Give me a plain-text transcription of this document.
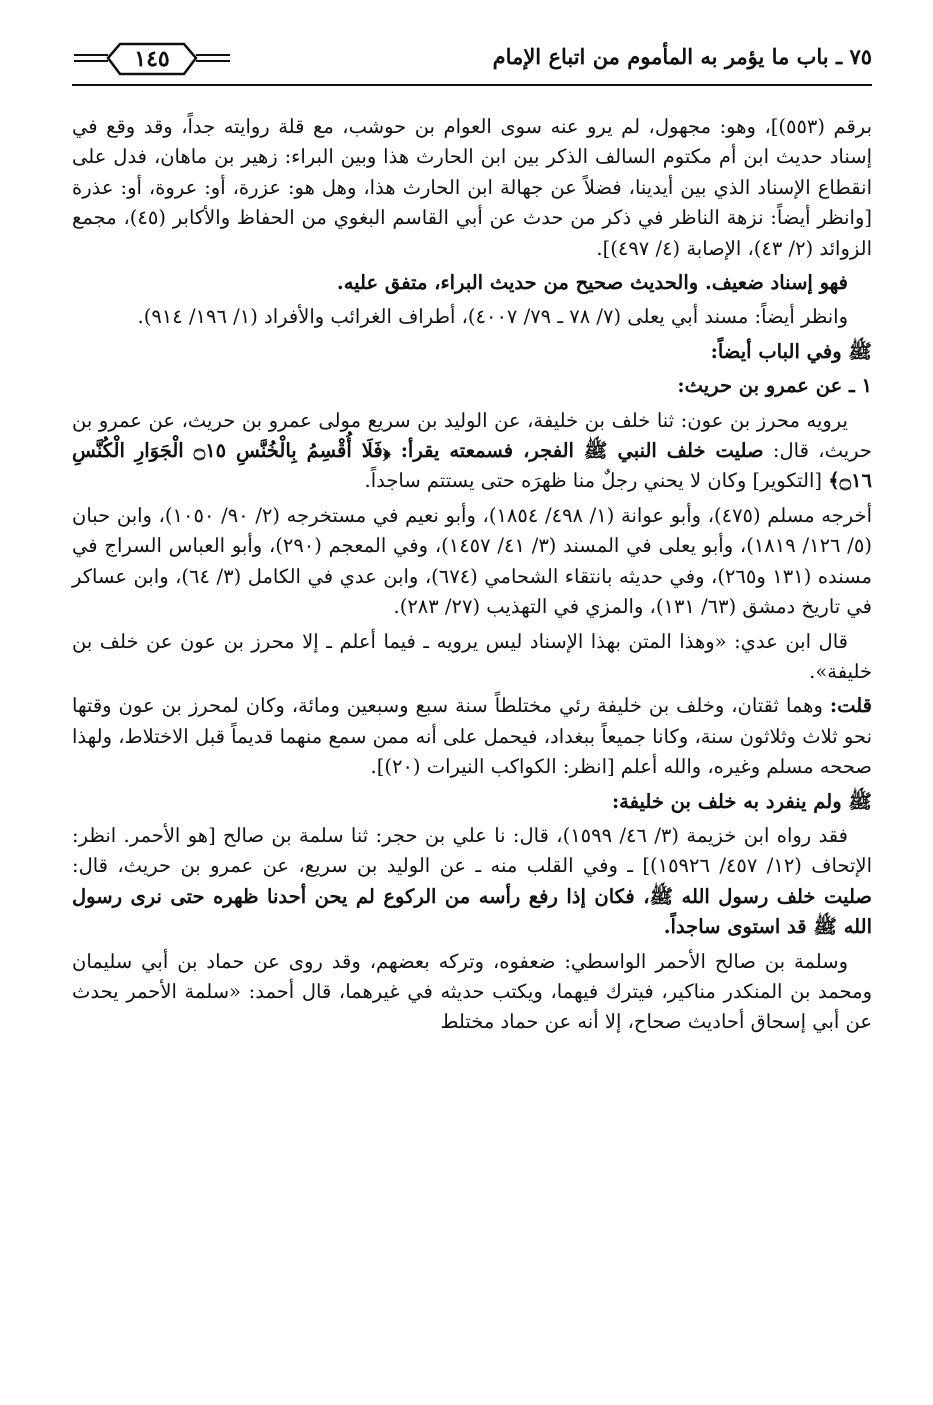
٧٥ ـ باب ما يؤمر به المأموم من اتباع الإمام
١٤٥

برقم (٥٥٣)]، وهو: مجهول، لم يرو عنه سوى العوام بن حوشب، مع قلة روايته جداً، وقد وقع في إسناد حديث ابن أم مكتوم السالف الذكر بين ابن الحارث هذا وبين البراء: زهير بن ماهان، فدل على انقطاع الإسناد الذي بين أيدينا، فضلاً عن جهالة ابن الحارث هذا، وهل هو: عزرة، أو: عروة، أو: عذرة [وانظر أيضاً: نزهة الناظر في ذكر من حدث عن أبي القاسم البغوي من الحفاظ والأكابر (٤٥)، مجمع الزوائد (٢/ ٤٣)، الإصابة (٤/ ٤٩٧)].

فهو إسناد ضعيف. والحديث صحيح من حديث البراء، متفق عليه.

وانظر أيضاً: مسند أبي يعلى (٧/ ٧٨ ـ ٧٩/ ٤٠٠٧)، أطراف الغرائب والأفراد (١/ ١٩٦/ ٩١٤).

ﷺ وفي الباب أيضاً:

١ ـ عن عمرو بن حريث:

يرويه محرز بن عون: ثنا خلف بن خليفة، عن الوليد بن سريع مولى عمرو بن حريث، عن عمرو بن حريث، قال: صليت خلف النبي ﷺ الفجر، فسمعته يقرأ: ﴿فَلَا أُقْسِمُ بِالْخُنَّسِ ۝١٥ الْجَوَارِ الْكُنَّسِ ۝١٦﴾ [التكوير] وكان لا يحني رجلٌ منا ظهرَه حتى يستتم ساجداً.

أخرجه مسلم (٤٧٥)، وأبو عوانة (١/ ٤٩٨/ ١٨٥٤)، وأبو نعيم في مستخرجه (٢/ ٩٠/ ١٠٥٠)، وابن حبان (٥/ ١٢٦/ ١٨١٩)، وأبو يعلى في المسند (٣/ ٤١/ ١٤٥٧)، وفي المعجم (٢٩٠)، وأبو العباس السراج في مسنده (١٣١ و٢٦٥)، وفي حديثه بانتقاء الشحامي (٦٧٤)، وابن عدي في الكامل (٣/ ٦٤)، وابن عساكر في تاريخ دمشق (٦٣/ ١٣١)، والمزي في التهذيب (٢٧/ ٢٨٣).

قال ابن عدي: «وهذا المتن بهذا الإسناد ليس يرويه ـ فيما أعلم ـ إلا محرز بن عون عن خلف بن خليفة».

قلت: وهما ثقتان، وخلف بن خليفة رئي مختلطاً سنة سبع وسبعين ومائة، وكان لمحرز بن عون وقتها نحو ثلاث وثلاثون سنة، وكانا جميعاً ببغداد، فيحمل على أنه ممن سمع منهما قديماً قبل الاختلاط، ولهذا صححه مسلم وغيره، والله أعلم [انظر: الكواكب النيرات (٢٠)].

ﷺ ولم ينفرد به خلف بن خليفة:

فقد رواه ابن خزيمة (٣/ ٤٦/ ١٥٩٩)، قال: نا علي بن حجر: ثنا سلمة بن صالح [هو الأحمر. انظر: الإتحاف (١٢/ ٤٥٧/ ١٥٩٢٦)] ـ وفي القلب منه ـ عن الوليد بن سريع، عن عمرو بن حريث، قال: صليت خلف رسول الله ﷺ، فكان إذا رفع رأسه من الركوع لم يحن أحدنا ظهره حتى نرى رسول الله ﷺ قد استوى ساجداً.

وسلمة بن صالح الأحمر الواسطي: ضعفوه، وتركه بعضهم، وقد روى عن حماد بن أبي سليمان ومحمد بن المنكدر مناكير، فيترك فيهما، ويكتب حديثه في غيرهما، قال أحمد: «سلمة الأحمر يحدث عن أبي إسحاق أحاديث صحاح، إلا أنه عن حماد مختلط
